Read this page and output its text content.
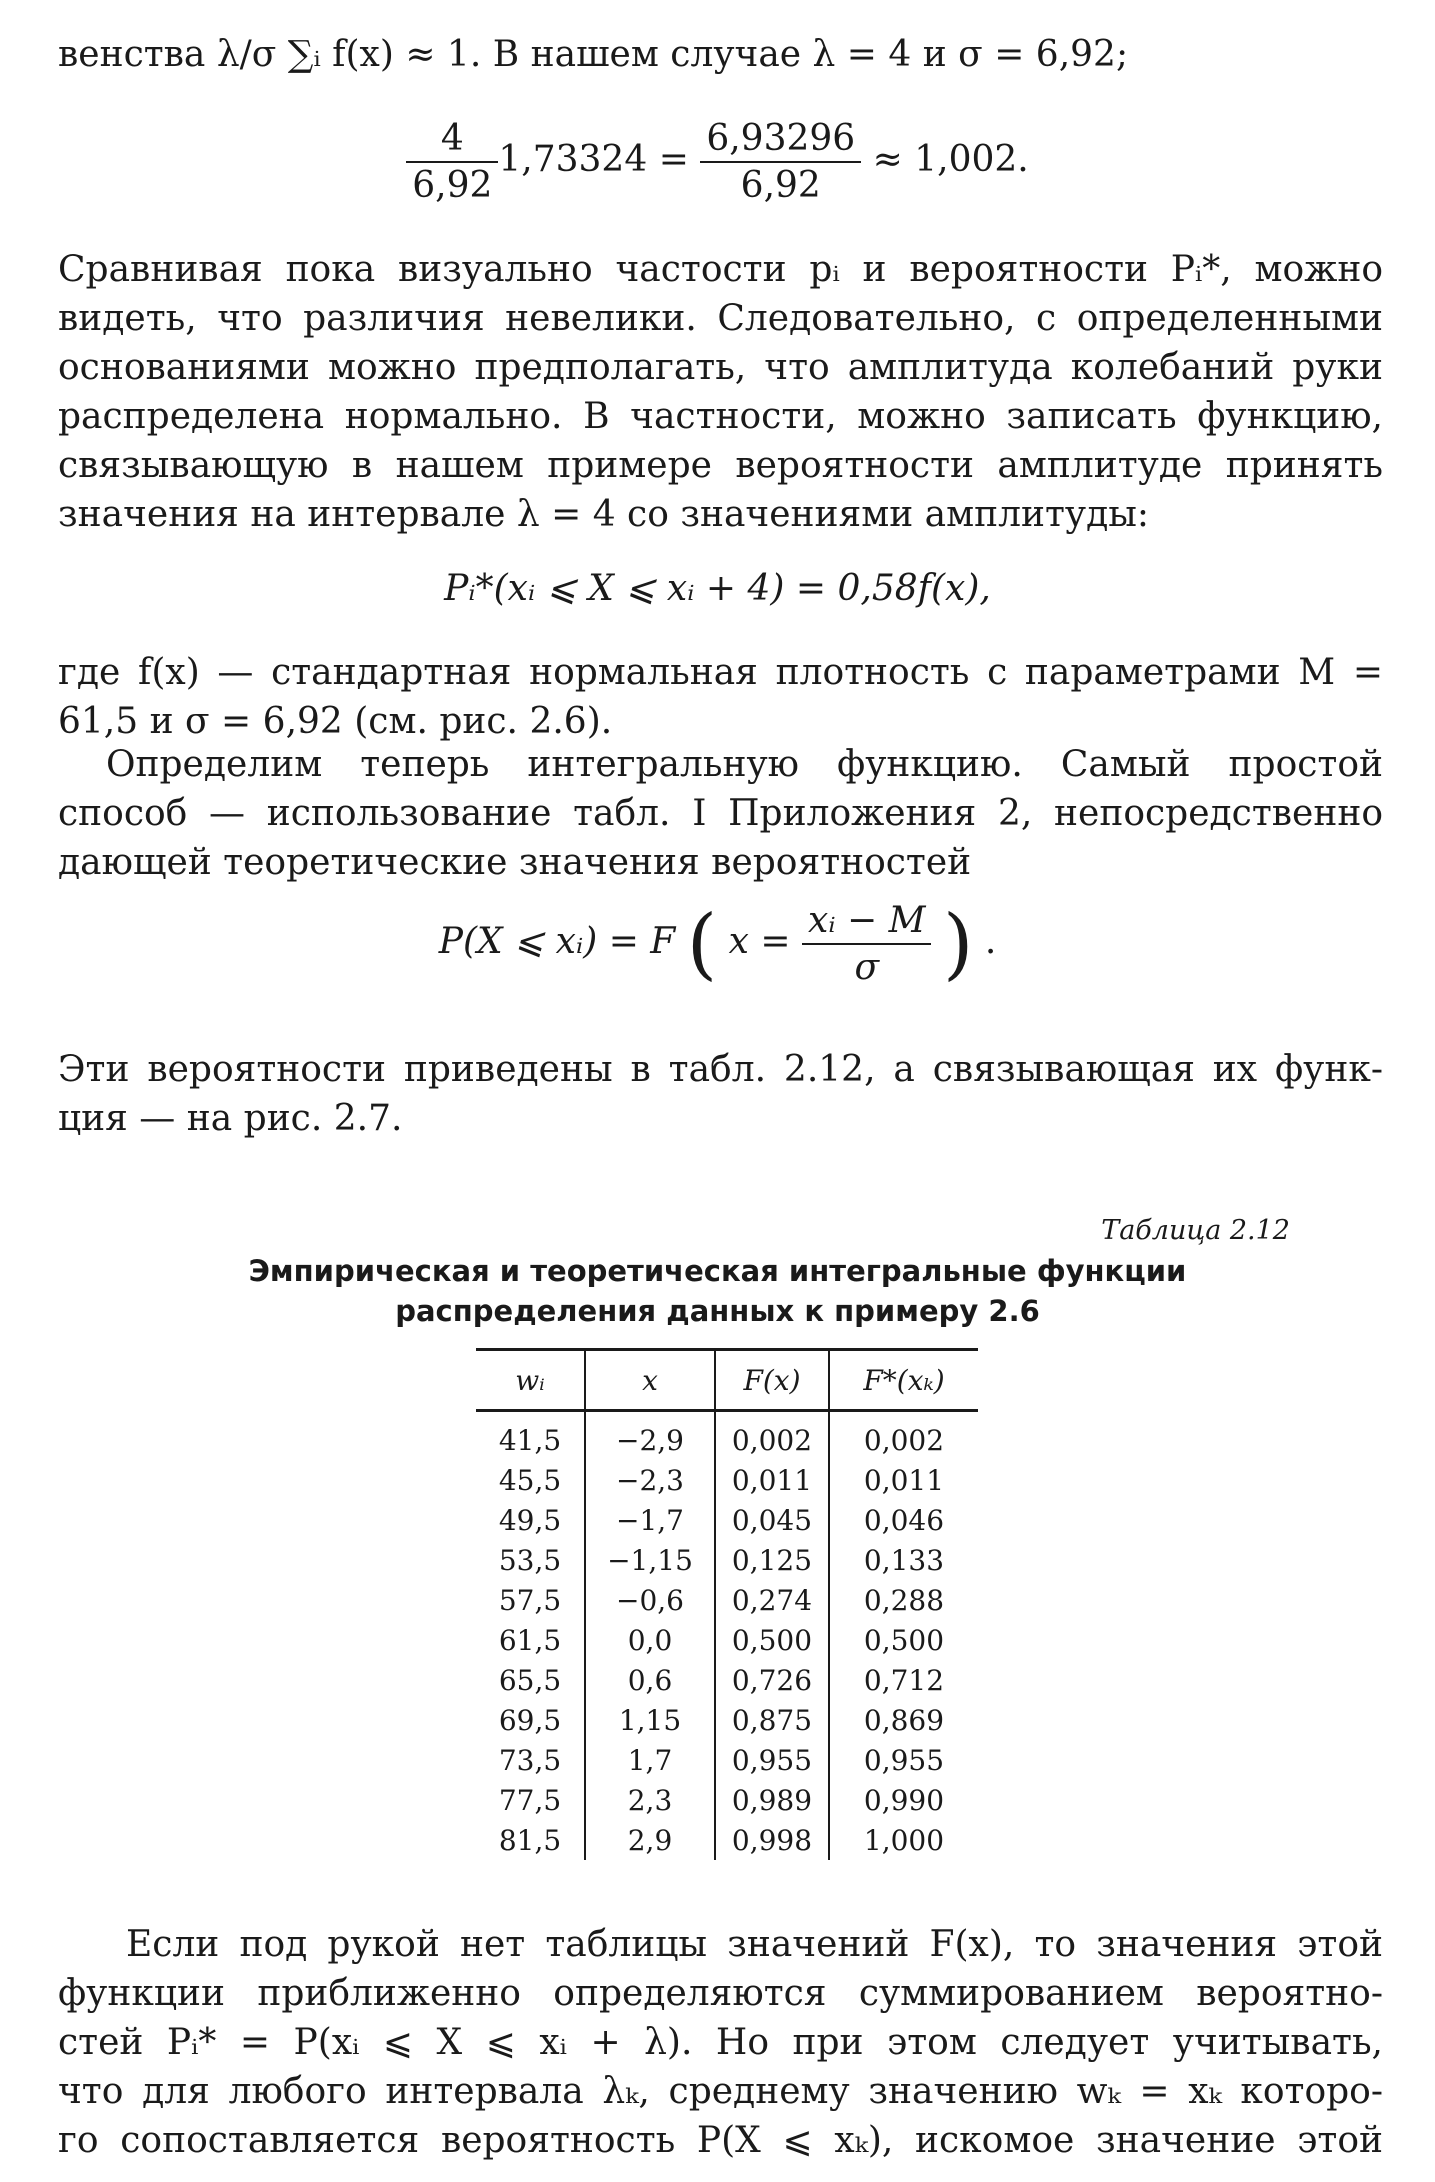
венства λ/σ ∑ᵢ f(x) ≈ 1. В нашем случае λ = 4 и σ = 6,92;
$\frac{4}{6,92} 1,73324 = \frac{6,93296}{6,92} \approx 1,002$.
Сравнивая пока визуально частости pᵢ и вероятности Pᵢ*, можно
видеть, что различия невелики. Следовательно, с определенными
основаниями можно предполагать, что амплитуда колебаний руки
распределена нормально. В частности, можно записать функцию,
связывающую в нашем примере вероятности амплитуде принять
значения на интервале λ = 4 со значениями амплитуды:
Pᵢ*(xᵢ ⩽ X ⩽ xᵢ + 4) = 0,58f(x),
где f(x) — стандартная нормальная плотность с параметрами M =
61,5 и σ = 6,92 (см. рис. 2.6).
Определим теперь интегральную функцию. Самый простой
способ — использование табл. I Приложения 2, непосредственно
дающей теоретические значения вероятностей
P(X ⩽ xᵢ) = F ( $x = \frac{\text{xᵢ − M}}{\sigma}$ ) .
Эти вероятности приведены в табл. 2.12, а связывающая их функ-
ция — на рис. 2.7.
Таблица 2.12
Эмпирическая и теоретическая интегральные функции
распределения данных к примеру 2.6
wᵢ	x	F(x)	F*(xₖ)
41,5	−2,9	0,002	0,002
45,5	−2,3	0,011	0,011
49,5	−1,7	0,045	0,046
53,5	−1,15	0,125	0,133
57,5	−0,6	0,274	0,288
61,5	0,0	0,500	0,500
65,5	0,6	0,726	0,712
69,5	1,15	0,875	0,869
73,5	1,7	0,955	0,955
77,5	2,3	0,989	0,990
81,5	2,9	0,998	1,000
Если под рукой нет таблицы значений F(x), то значения этой
функции приближенно определяются суммированием вероятно-
стей Pᵢ* = P(xᵢ ⩽ X ⩽ xᵢ + λ). Но при этом следует учитывать,
что для любого интервала λₖ, среднему значению wₖ = xₖ которо-
го сопоставляется вероятность P(X ⩽ xₖ), искомое значение этой
